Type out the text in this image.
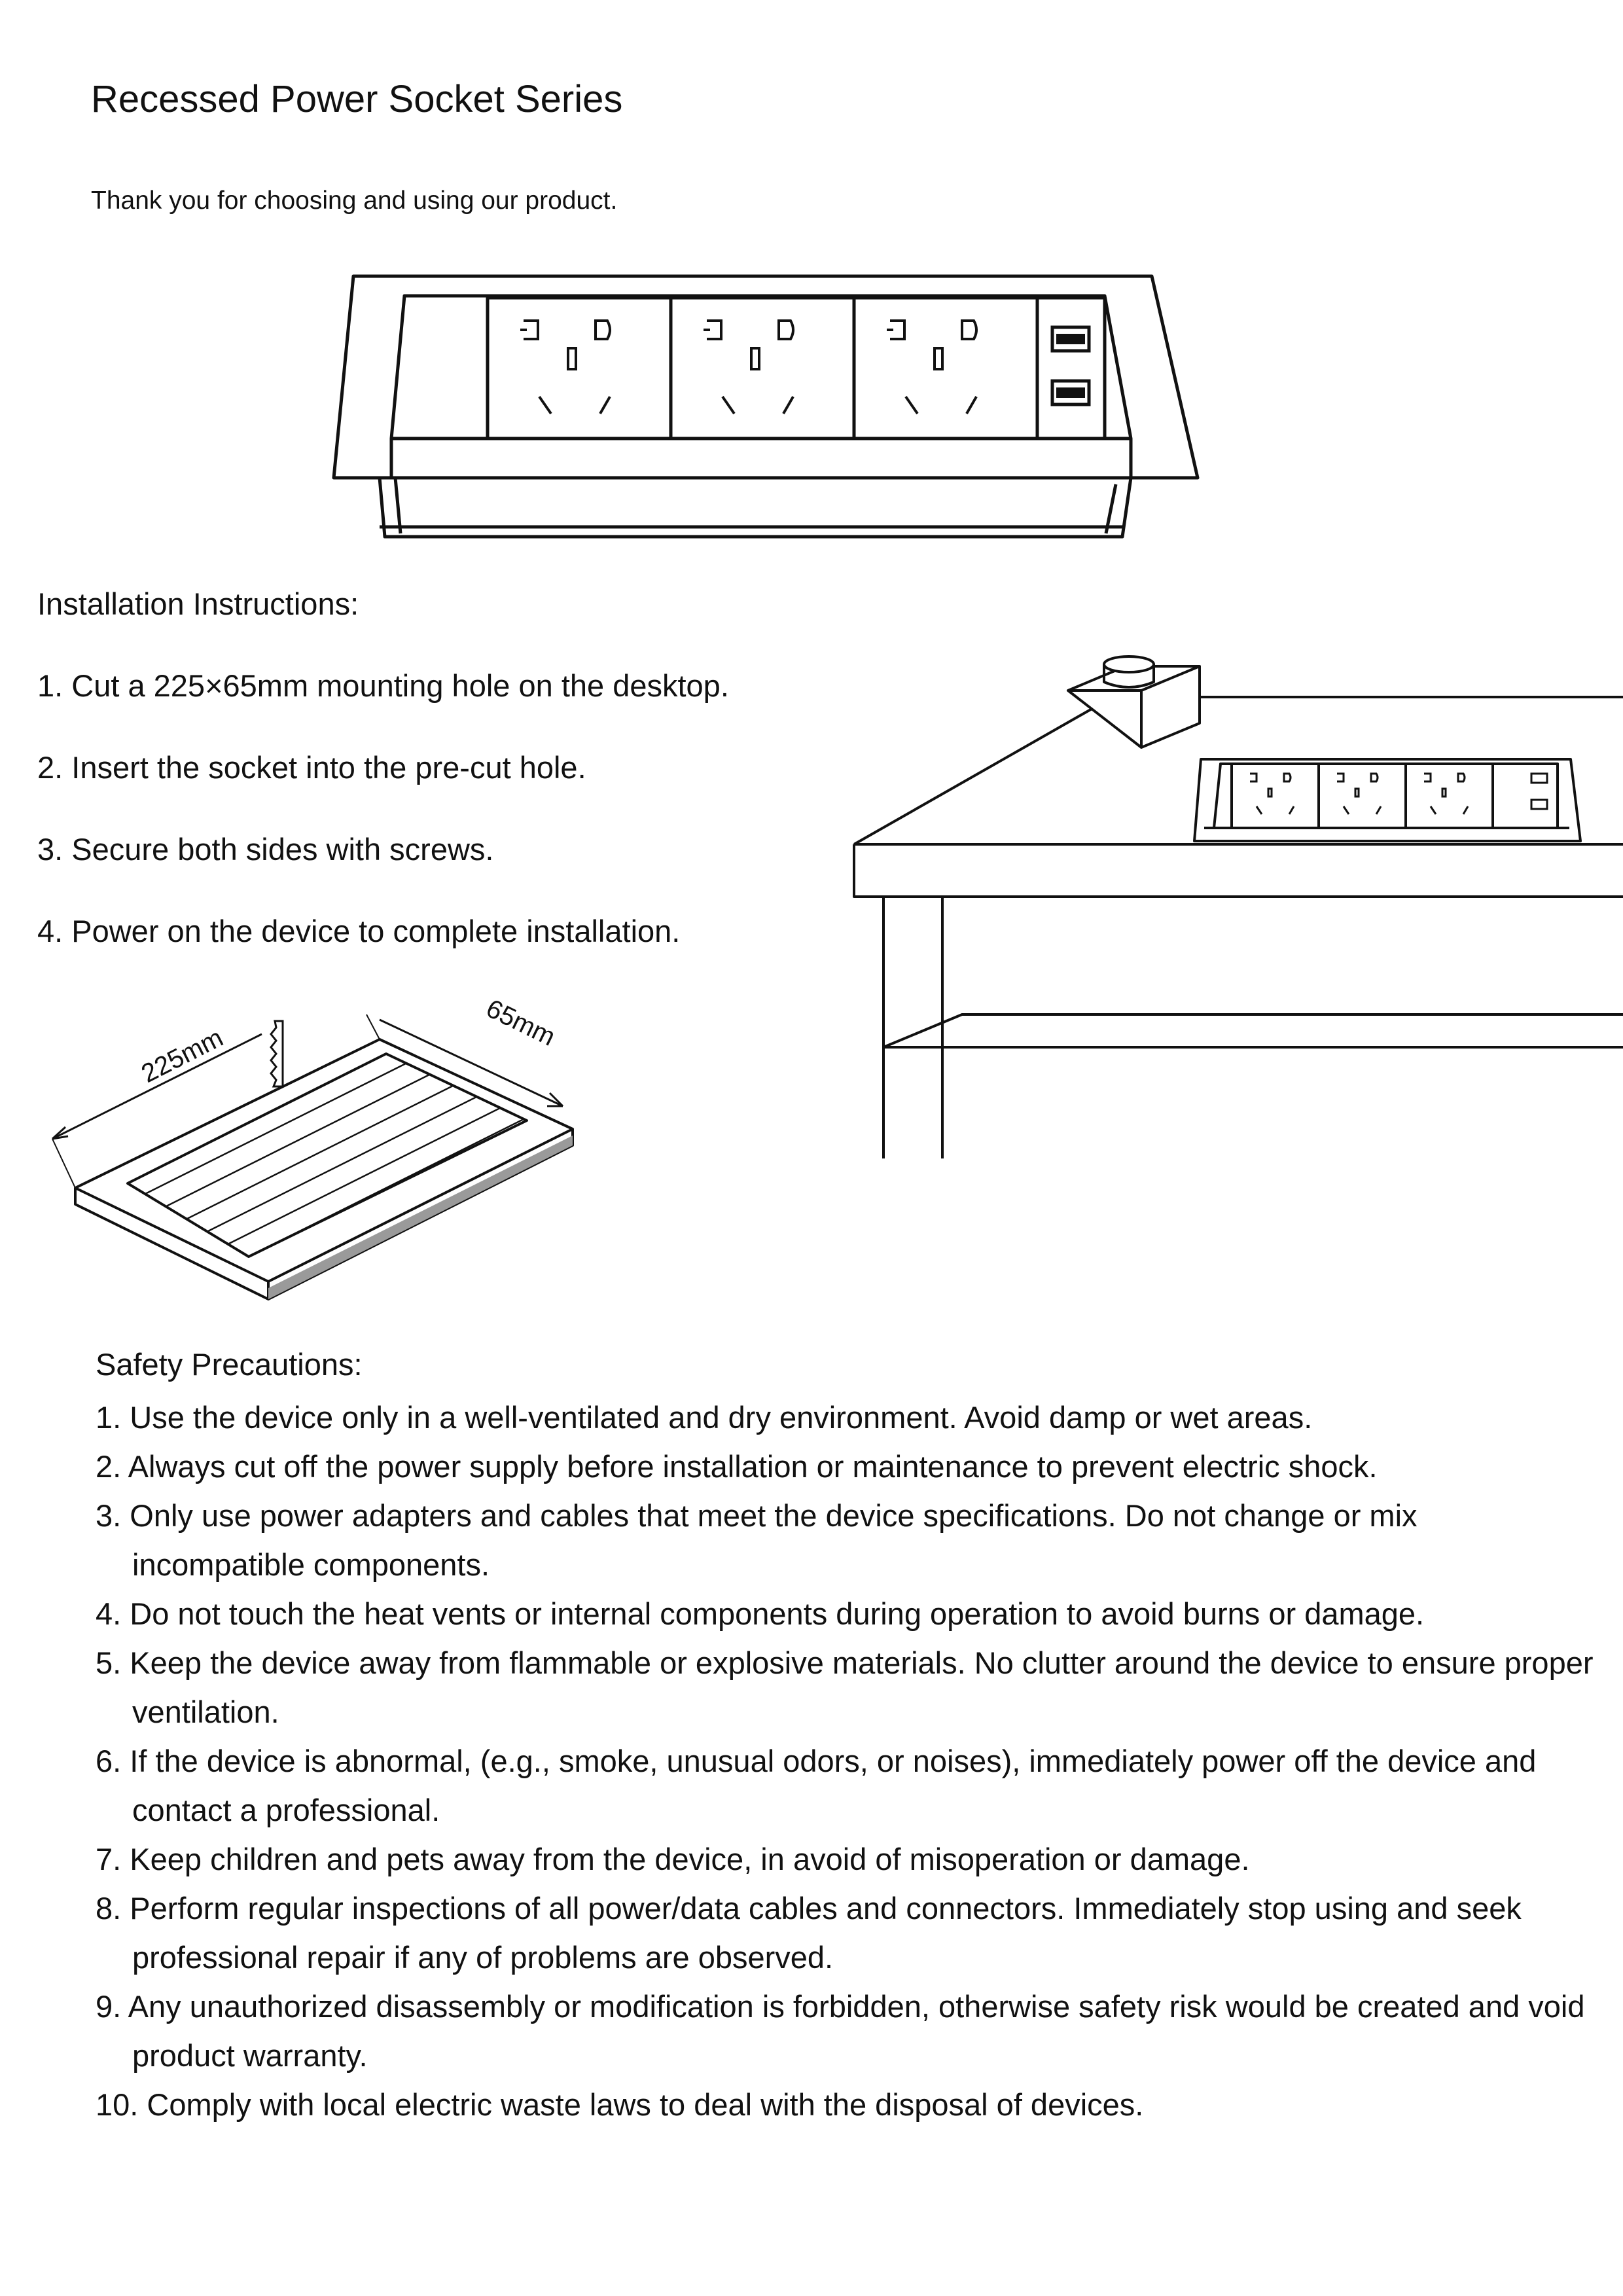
Recessed Power Socket Series

Thank you for choosing and using our product.

Installation Instructions:

1. Cut a 225×65mm mounting hole on the desktop.

2. Insert the socket into the pre-cut hole.

3. Secure both sides with screws.

4. Power on the device to complete installation.

225mm
65mm
Safety Precautions:
1. Use the device only in a well-ventilated and dry environment. Avoid damp or wet areas.
2. Always cut off the power supply before installation or maintenance to prevent electric shock.
3. Only use power adapters and cables that meet the device specifications. Do not change or mix incompatible components.
4. Do not touch the heat vents or internal components during operation to avoid burns or damage.
5. Keep the device away from flammable or explosive materials. No clutter around the device to ensure proper ventilation.
6. If the device is abnormal, (e.g., smoke, unusual odors, or noises), immediately power off the device and contact a professional.
7. Keep children and pets away from the device, in avoid of misoperation or damage.
8. Perform regular inspections of all power/data cables and connectors. Immediately stop using and seek professional repair if any of problems are observed.
9. Any unauthorized disassembly or modification is forbidden, otherwise safety risk would be created and void product warranty.
10. Comply with local electric waste laws to deal with the disposal of devices.
